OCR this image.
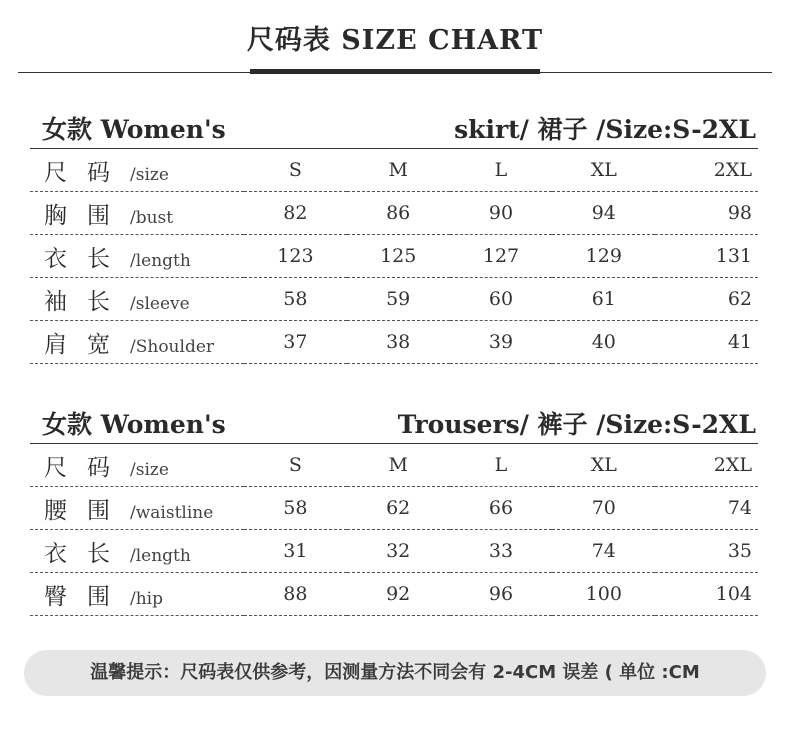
尺码表 SIZE CHART
女款 Women's	skirt/ 裙子 /Size:S-2XL
尺码/size	S	M	L	XL	2XL
胸围/bust	82	86	90	94	98
衣长/length	123	125	127	129	131
袖长/sleeve	58	59	60	61	62
肩宽/Shoulder	37	38	39	40	41
女款 Women's	Trousers/ 裤子 /Size:S-2XL
尺码/size	S	M	L	XL	2XL
腰围/waistline	58	62	66	70	74
衣长/length	31	32	33	74	35
臀围/hip	88	92	96	100	104
温馨提示：尺码表仅供参考，因测量方法不同会有 2-4CM 误差 ( 单位 :CM
